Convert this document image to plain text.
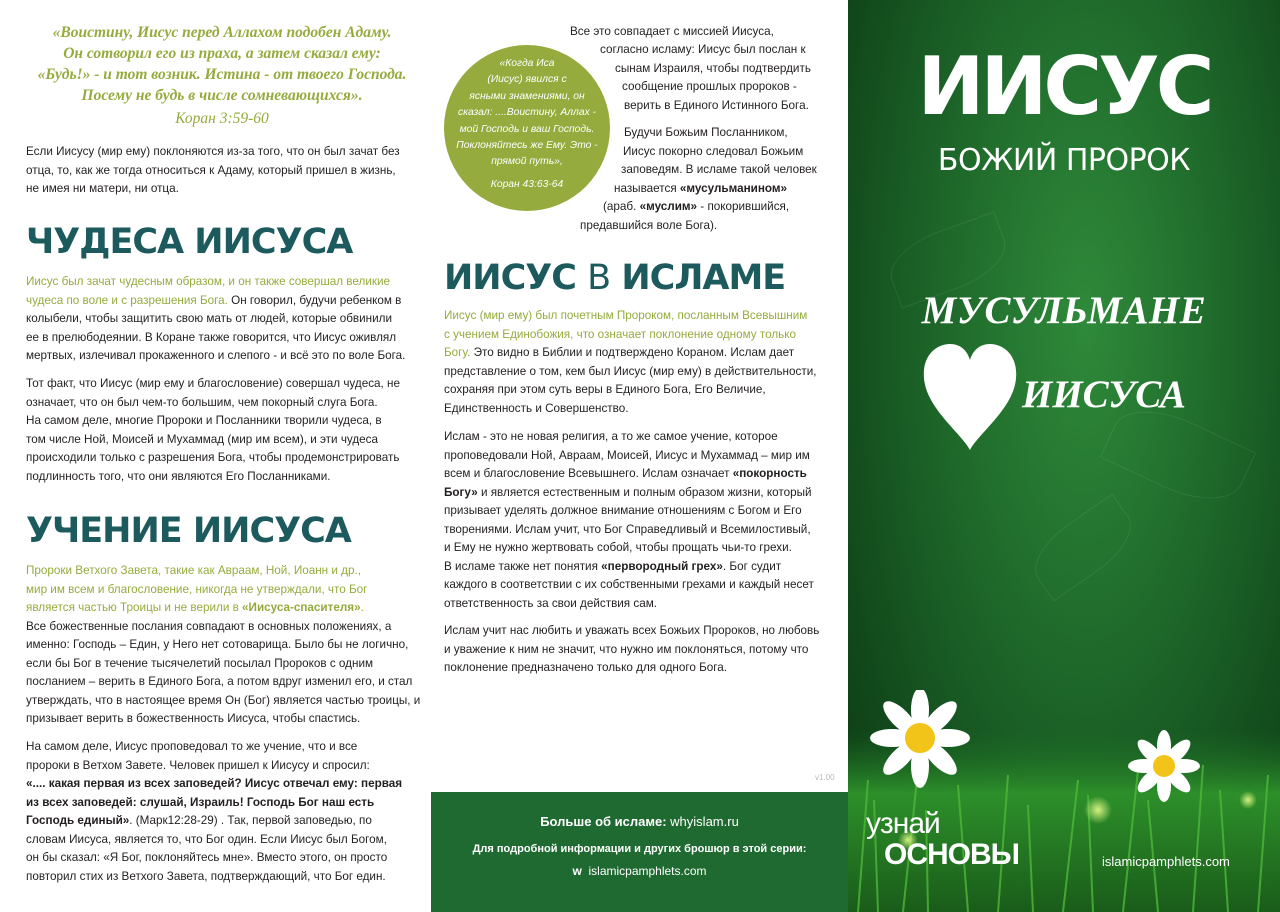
«Воистину, Иисус перед Аллахом подобен Адаму.
Он сотворил его из праха, а затем сказал ему:
«Будь!» - и тот возник. Истина - от твоего Господа.
Посему не будь в числе сомневающихся».
Коран 3:59-60

Если Иисусу (мир ему) поклоняются из-за того, что он был зачат без

отца, то, как же тогда относиться к Адаму, который пришел в жизнь,

не имея ни матери, ни отца.

ЧУДЕСА ИИСУСА

Иисус был зачат чудесным образом, и он также совершал великие

чудеса по воле и с разрешения Бога. Он говорил, будучи ребенком в

колыбели, чтобы защитить свою мать от людей, которые обвинили

ее в прелюбодеянии. В Коране также говорится, что Иисус оживлял

мертвых, излечивал прокаженного и слепого - и всё это по воле Бога.

Тот факт, что Иисус (мир ему и благословение) совершал чудеса, не

означает, что он был чем-то большим, чем покорный слуга Бога.

На самом деле, многие Пророки и Посланники творили чудеса, в

том числе Ной, Моисей и Мухаммад (мир им всем), и эти чудеса

происходили только с разрешения Бога, чтобы продемонстрировать

подлинность того, что они являются Его Посланниками.

УЧЕНИЕ ИИСУСА

Пророки Ветхого Завета, такие как Авраам, Ной, Иоанн и др.,

мир им всем и благословение, никогда не утверждали, что Бог

является частью Троицы и не верили в «Иисуса-спасителя».

Все божественные послания совпадают в основных положениях, а

именно: Господь – Един, у Него нет сотоварища. Было бы не логично,

если бы Бог в течение тысячелетий посылал Пророков с одним

посланием – верить в Единого Бога, а потом вдруг изменил его, и стал

утверждать, что в настоящее время Он (Бог) является частью троицы, и

призывает верить в божественность Иисуса, чтобы спастись.

На самом деле, Иисус проповедовал то же учение, что и все

пророки в Ветхом Завете. Человек пришел к Иисусу и спросил:

«.... какая первая из всех заповедей? Иисус отвечал ему: первая

из всех заповедей: слушай, Израиль! Господь Бог наш есть

Господь единый». (Марк12:28-29) . Так, первой заповедью, по

словам Иисуса, является то, что Бог один. Если Иисус был Богом,

он бы сказал: «Я Бог, поклоняйтесь мне». Вместо этого, он просто

повторил стих из Ветхого Завета, подтверждающий, что Бог един.

«Когда Иса
(Иисус) явился с
ясными знамениями, он
сказал: ....Воистину, Аллах -
мой Господь и ваш Господь.
Поклоняйтесь же Ему. Это -
прямой путь»,
Коран 43:63-64

Все это совпадает с миссией Иисуса,

согласно исламу: Иисус был послан к

сынам Израиля, чтобы подтвердить

сообщение прошлых пророков -

верить в Единого Истинного Бога.

Будучи Божьим Посланником,

Иисус покорно следовал Божьим

заповедям. В исламе такой человек

называется «мусульманином»

(араб. «муслим» - покорившийся,

предавшийся воле Бога).

ИИСУС В ИСЛАМЕ

Иисус (мир ему) был почетным Пророком, посланным Всевышним

с учением Единобожия, что означает поклонение одному только

Богу. Это видно в Библии и подтверждено Кораном. Ислам дает

представление о том, кем был Иисус (мир ему) в действительности,

сохраняя при этом суть веры в Единого Бога, Его Величие,

Единственность и Совершенство.

Ислам - это не новая религия, а то же самое учение, которое

проповедовали Ной, Авраам, Моисей, Иисус и Мухаммад – мир им

всем и благословение Всевышнего. Ислам означает «покорность

Богу» и является естественным и полным образом жизни, который

призывает уделять должное внимание отношениям с Богом и Его

творениями. Ислам учит, что Бог Справедливый и Всемилостивый,

и Ему не нужно жертвовать собой, чтобы прощать чьи-то грехи.

В исламе также нет понятия «первородный грех». Бог судит

каждого в соответствии с их собственными грехами и каждый несет

ответственность за свои действия сам.

Ислам учит нас любить и уважать всех Божьих Пророков, но любовь

и уважение к ним не значит, что нужно им поклоняться, потому что

поклонение предназначено только для одного Бога.

v1.00
Больше об исламе: whyislam.ru
Для подробной информации и других брошюр в этой серии:
w islamicpamphlets.com
ИИСУС
БОЖИЙ ПРОРОК
МУСУЛЬМАНЕ
ИИСУСА
узнай
ОСНОВЫ	islamicpamphlets.com
